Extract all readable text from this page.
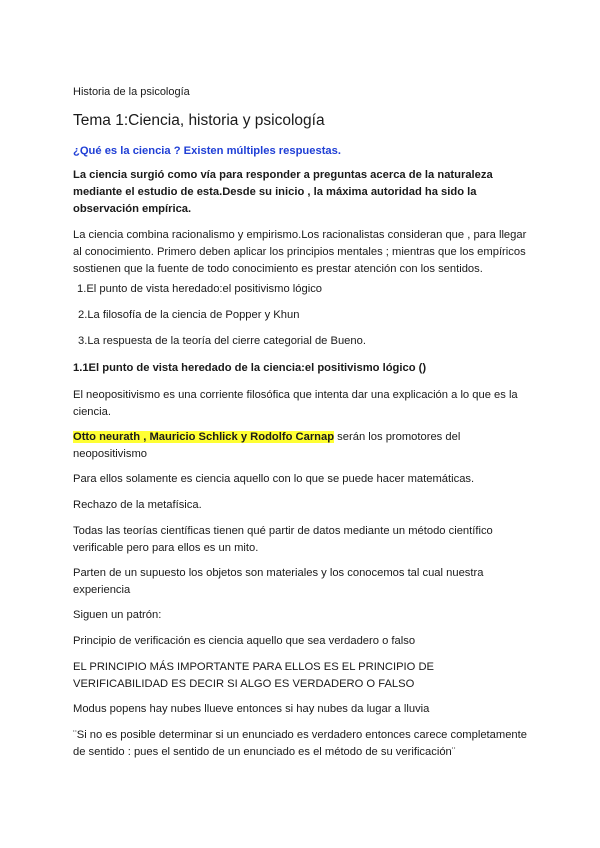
Historia de la psicología
Tema 1:Ciencia, historia y psicología
¿Qué es la ciencia ? Existen múltiples respuestas.
La ciencia surgió como vía para responder a preguntas acerca de la naturaleza
mediante el estudio de esta.Desde su inicio , la máxima autoridad ha sido la
observación empírica.
La ciencia combina racionalismo y empirismo.Los racionalistas consideran que , para llegar
al conocimiento. Primero deben aplicar los principios mentales ; mientras que los empíricos
sostienen que la fuente de todo conocimiento es prestar atención con los sentidos.
1.El punto de vista heredado:el positivismo lógico
2.La filosofía de la ciencia de Popper y Khun
3.La respuesta de la teoría del cierre categorial de Bueno.
1.1El punto de vista heredado de la ciencia:el positivismo lógico ()
El neopositivismo es una corriente filosófica que intenta dar una explicación a lo que es la
ciencia.
Otto neurath , Mauricio Schlick y Rodolfo Carnap serán los promotores del
neopositivismo
Para ellos solamente es ciencia aquello con lo que se puede hacer matemáticas.
Rechazo de la metafísica.
Todas las teorías científicas tienen qué partir de datos mediante un método científico
verificable pero para ellos es un mito.
Parten de un supuesto los objetos son materiales y los conocemos tal cual nuestra
experiencia
Siguen un patrón:
Principio de verificación es ciencia aquello que sea verdadero o falso
EL PRINCIPIO MÁS IMPORTANTE PARA ELLOS ES EL PRINCIPIO DE
VERIFICABILIDAD ES DECIR SI ALGO ES VERDADERO O FALSO
Modus popens hay nubes llueve entonces si hay nubes da lugar a lluvia
¨Si no es posible determinar si un enunciado es verdadero entonces carece completamente
de sentido : pues el sentido de un enunciado es el método de su verificación¨
